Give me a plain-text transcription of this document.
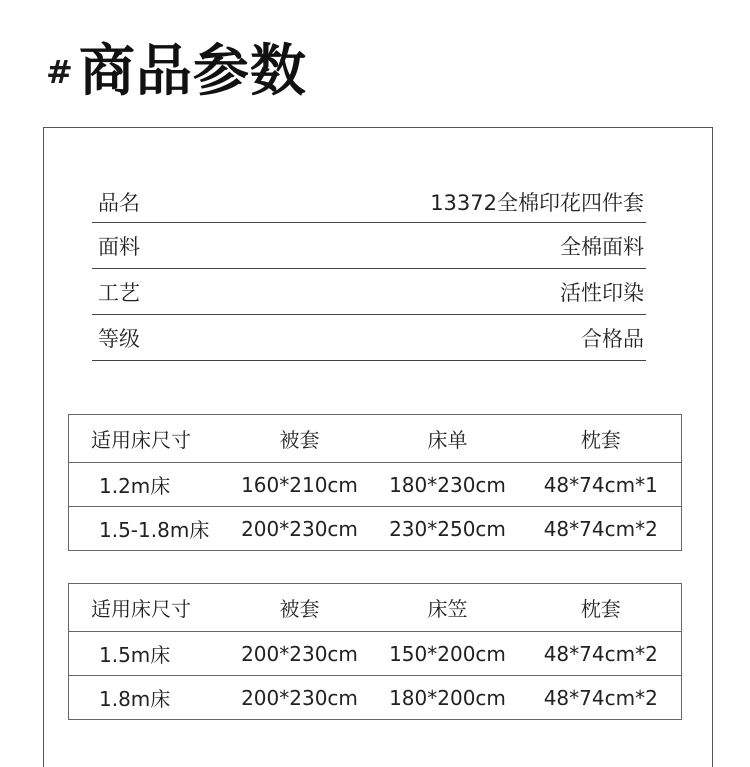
# 商品参数
品名	13372全棉印花四件套
面料	全棉面料
工艺	活性印染
等级	合格品
适用床尺寸	被套	床单	枕套
1.2m床	160*210cm	180*230cm	48*74cm*1
1.5-1.8m床	200*230cm	230*250cm	48*74cm*2
适用床尺寸	被套	床笠	枕套
1.5m床	200*230cm	150*200cm	48*74cm*2
1.8m床	200*230cm	180*200cm	48*74cm*2
